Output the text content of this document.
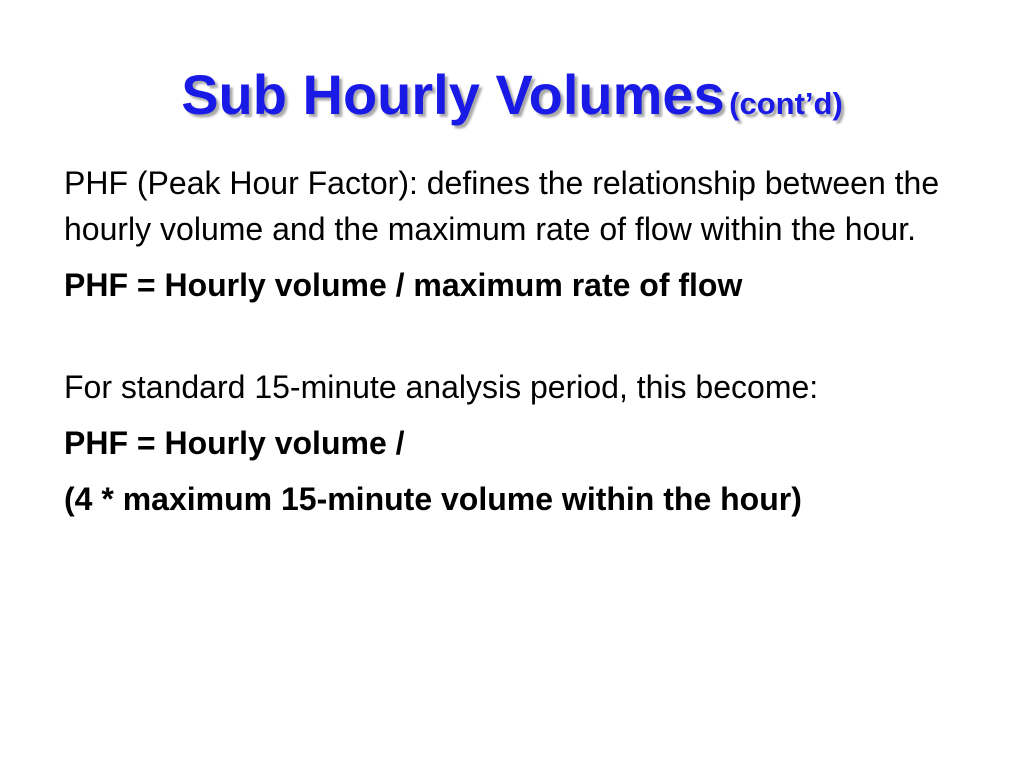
Sub Hourly Volumes (cont’d)

PHF (Peak Hour Factor): defines the relationship between the hourly volume and the maximum rate of flow within the hour.

PHF = Hourly volume / maximum rate of flow

For standard 15-minute analysis period, this become:

PHF = Hourly volume /

(4 * maximum 15-minute volume within the hour)
